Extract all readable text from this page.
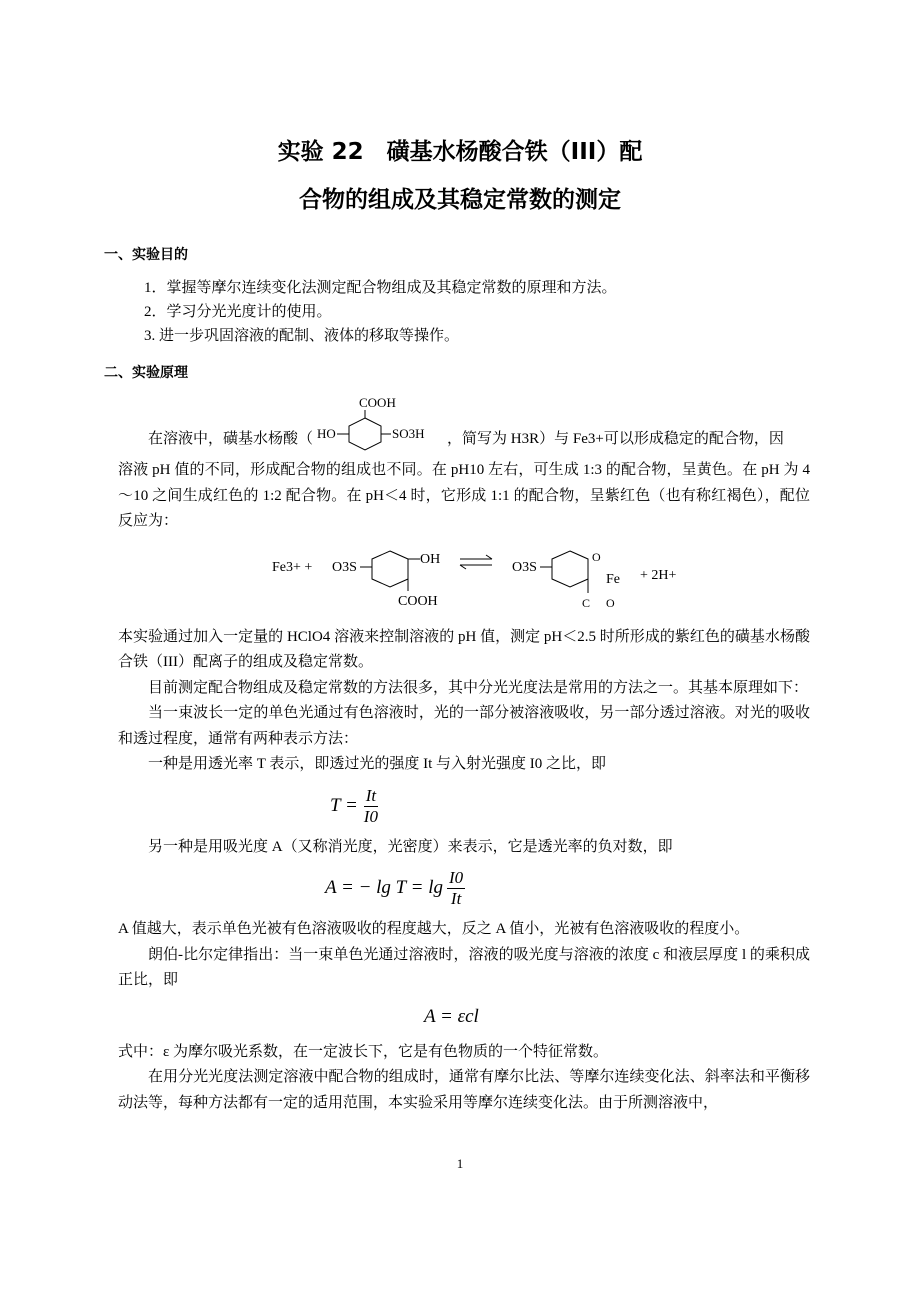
实验 22　磺基水杨酸合铁（III）配
合物的组成及其稳定常数的测定
一、实验目的

1．掌握等摩尔连续变化法测定配合物组成及其稳定常数的原理和方法。

2．学习分光光度计的使用。

3. 进一步巩固溶液的配制、液体的移取等操作。

二、实验原理
在溶液中，磺基水杨酸（
COOH
HO	SO3H ，简写为 H3R）与 Fe3+可以形成稳定的配合物，因

溶液 pH 值的不同，形成配合物的组成也不同。在 pH10 左右，可生成 1:3 的配合物，呈黄色。在 pH 为 4～10 之间生成红色的 1:2 配合物。在 pH＜4 时，它形成 1:1 的配合物，呈紫红色（也有称红褐色），配位反应为：

Fe3+ + O3S
OH
COOH
O3S
O
Fe
C O
+ 2H+

本实验通过加入一定量的 HClO4 溶液来控制溶液的 pH 值，测定 pH＜2.5 时所形成的紫红色的磺基水杨酸合铁（III）配离子的组成及稳定常数。

目前测定配合物组成及稳定常数的方法很多，其中分光光度法是常用的方法之一。其基本原理如下：

当一束波长一定的单色光通过有色溶液时，光的一部分被溶液吸收，另一部分透过溶液。对光的吸收和透过程度，通常有两种表示方法：

一种是用透光率 T 表示，即透过光的强度 It 与入射光强度 I0 之比，即

$T = \frac{It}{I0}$

另一种是用吸光度 A（又称消光度，光密度）来表示，它是透光率的负对数，即

A = − $\lg T = \lg \frac{I0}{It}$

A 值越大，表示单色光被有色溶液吸收的程度越大，反之 A 值小，光被有色溶液吸收的程度小。

朗伯-比尔定律指出：当一束单色光通过溶液时，溶液的吸光度与溶液的浓度 c 和液层厚度 l 的乘积成正比，即

A = εcl

式中：ε 为摩尔吸光系数，在一定波长下，它是有色物质的一个特征常数。

在用分光光度法测定溶液中配合物的组成时，通常有摩尔比法、等摩尔连续变化法、斜率法和平衡移动法等，每种方法都有一定的适用范围，本实验采用等摩尔连续变化法。由于所测溶液中，

1
